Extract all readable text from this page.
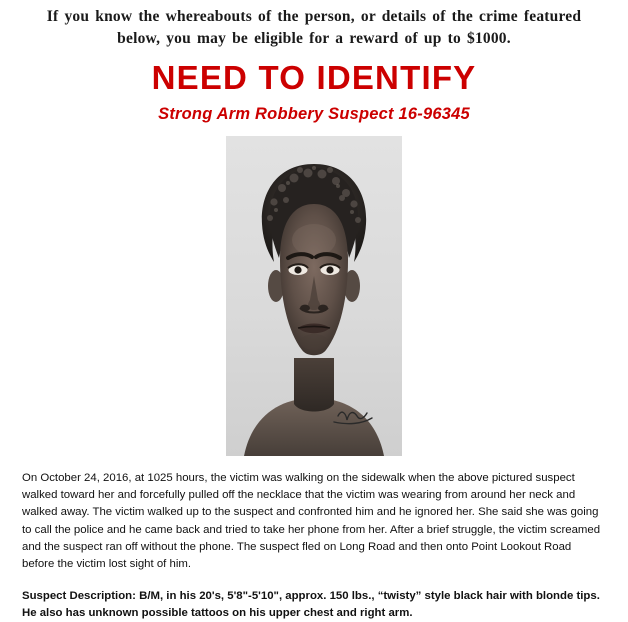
If you know the whereabouts of the person, or details of the crime featured
below, you may be eligible for a reward of up to $1000.
NEED TO IDENTIFY
Strong Arm Robbery Suspect 16-96345

On October 24, 2016, at 1025 hours, the victim was walking on the sidewalk when the above pictured suspect walked toward her and forcefully pulled off the necklace that the victim was wearing from around her neck and walked away. The victim walked up to the suspect and confronted him and he ignored her. She said she was going to call the police and he came back and tried to take her phone from her. After a brief struggle, the victim screamed and the suspect ran off without the phone. The suspect fled on Long Road and then onto Point Lookout Road before the victim lost sight of him.

Suspect Description: B/M, in his 20's, 5'8"-5'10", approx. 150 lbs., “twisty” style black hair with blonde tips. He also has unknown possible tattoos on his upper chest and right arm.
